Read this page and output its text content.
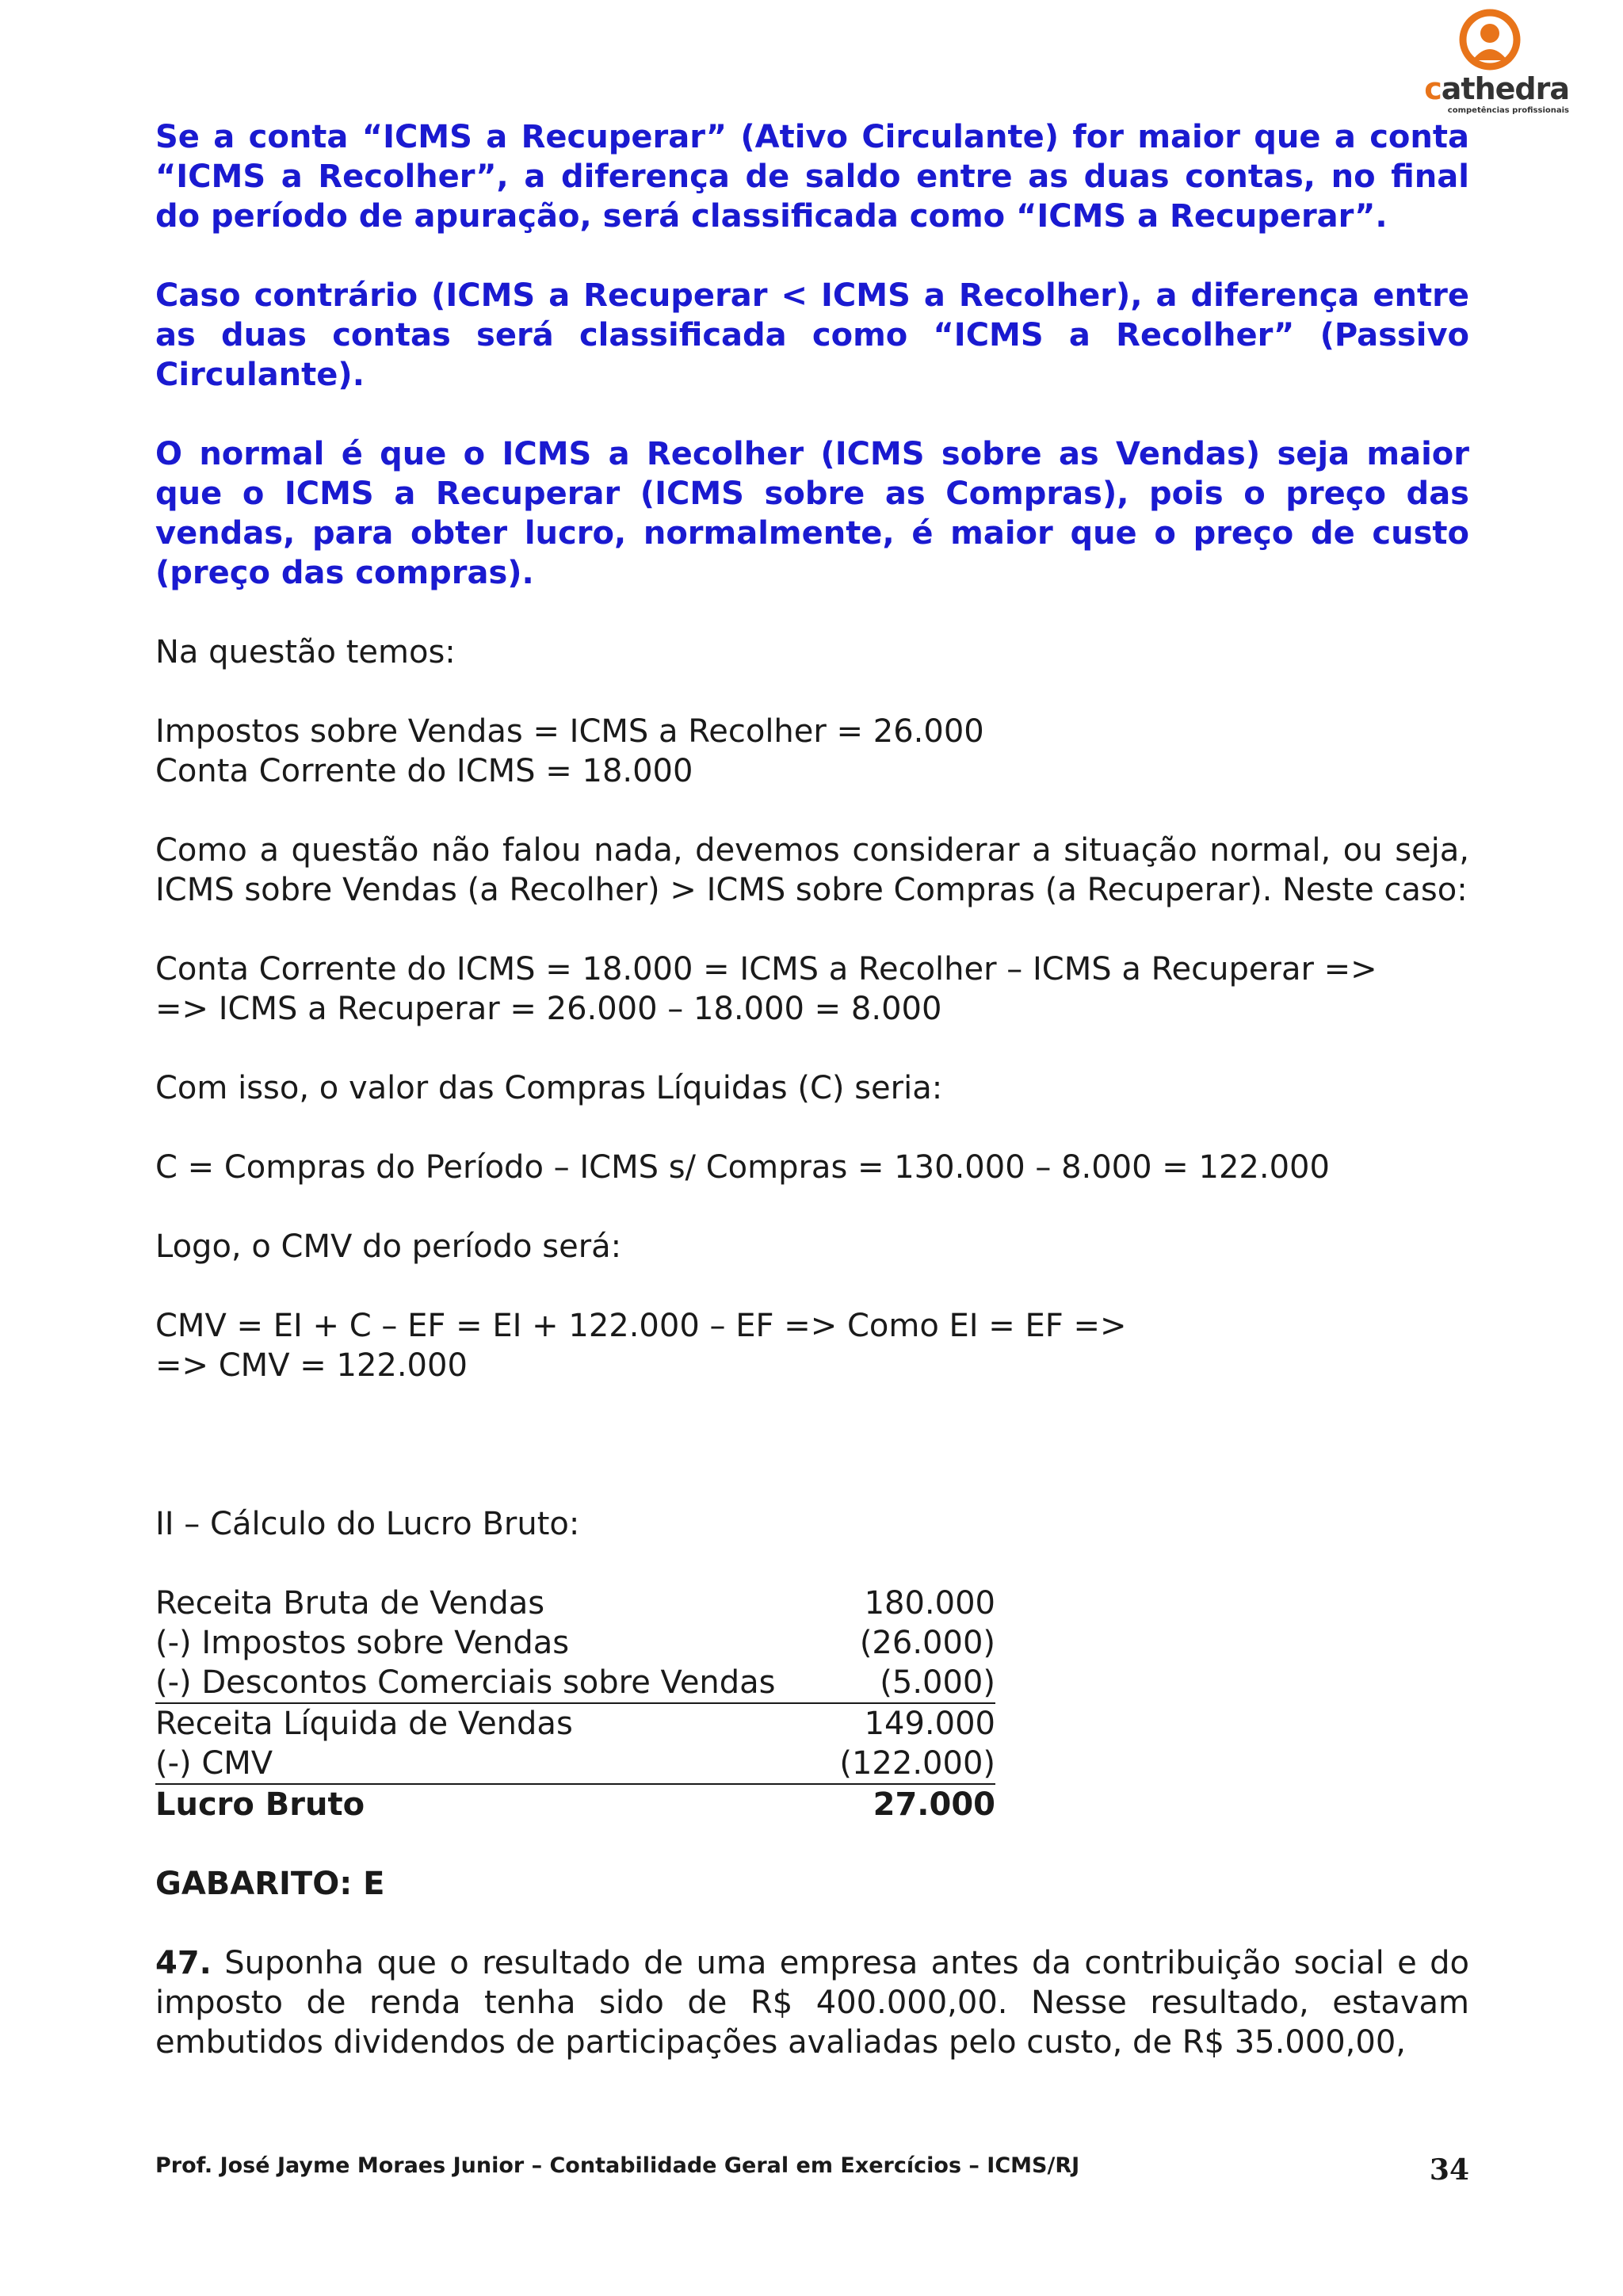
cathedra
competências profissionais

Se a conta “ICMS a Recuperar” (Ativo Circulante) for maior que a conta “ICMS a Recolher”, a diferença de saldo entre as duas contas, no final do período de apuração, será classificada como “ICMS a Recuperar”.

Caso contrário (ICMS a Recuperar < ICMS a Recolher), a diferença entre as duas contas será classificada como “ICMS a Recolher” (Passivo Circulante).

O normal é que o ICMS a Recolher (ICMS sobre as Vendas) seja maior que o ICMS a Recuperar (ICMS sobre as Compras), pois o preço das vendas, para obter lucro, normalmente, é maior que o preço de custo (preço das compras).

Na questão temos:

Impostos sobre Vendas = ICMS a Recolher = 26.000

Conta Corrente do ICMS = 18.000

Como a questão não falou nada, devemos considerar a situação normal, ou seja, ICMS sobre Vendas (a Recolher) > ICMS sobre Compras (a Recuperar). Neste caso:

Conta Corrente do ICMS = 18.000 = ICMS a Recolher – ICMS a Recuperar =>

=> ICMS a Recuperar = 26.000 – 18.000 = 8.000

Com isso, o valor das Compras Líquidas (C) seria:

C = Compras do Período – ICMS s/ Compras = 130.000 – 8.000 = 122.000

Logo, o CMV do período será:

CMV = EI + C – EF = EI + 122.000 – EF => Como EI = EF =>

=> CMV = 122.000

II – Cálculo do Lucro Bruto:

Receita Bruta de Vendas	180.000
(-) Impostos sobre Vendas	(26.000)
(-) Descontos Comerciais sobre Vendas	(5.000)
Receita Líquida de Vendas	149.000
(-) CMV	(122.000)
Lucro Bruto	27.000

GABARITO: E

47. Suponha que o resultado de uma empresa antes da contribuição social e do imposto de renda tenha sido de R$ 400.000,00. Nesse resultado, estavam embutidos dividendos de participações avaliadas pelo custo, de R$ 35.000,00,

Prof. José Jayme Moraes Junior – Contabilidade Geral em Exercícios – ICMS/RJ	34
